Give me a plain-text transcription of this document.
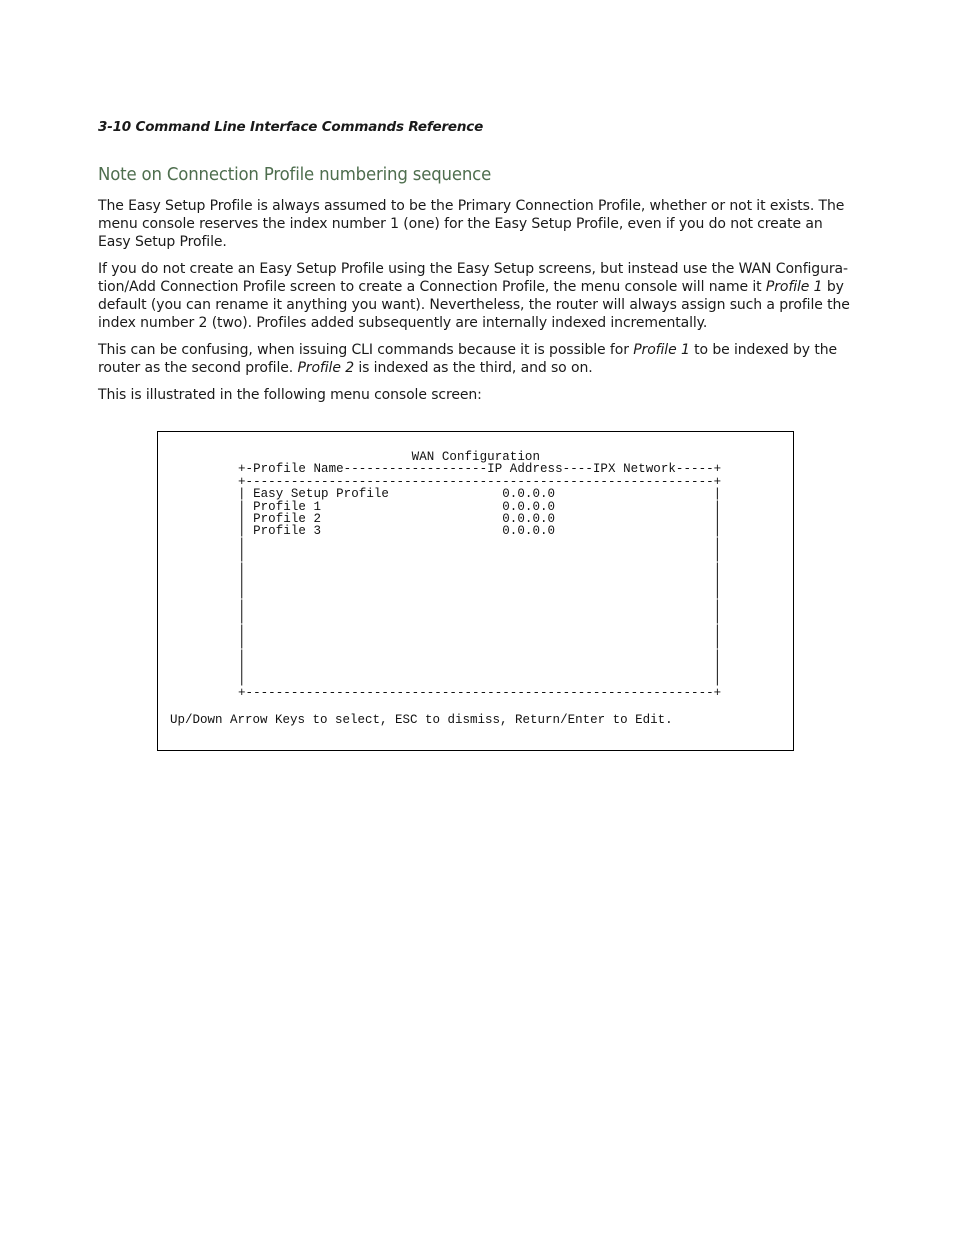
3-10 Command Line Interface Commands Reference
Note on Connection Profile numbering sequence

The Easy Setup Profile is always assumed to be the Primary Connection Profile, whether or not it exists. The menu console reserves the index number 1 (one) for the Easy Setup Profile, even if you do not create an Easy Setup Profile.

If you do not create an Easy Setup Profile using the Easy Setup screens, but instead use the WAN Configura-tion/Add Connection Profile screen to create a Connection Profile, the menu console will name it Profile 1 by default (you can rename it anything you want). Nevertheless, the router will always assign such a profile the index number 2 (two). Profiles added subsequently are internally indexed incrementally.

This can be confusing, when issuing CLI commands because it is possible for Profile 1 to be indexed by the router as the second profile. Profile 2 is indexed as the third, and so on.

This is illustrated in the following menu console screen:

WAN Configuration
+-Profile Name-------------------IP Address----IPX Network-----+
+--------------------------------------------------------------+
| Easy Setup Profile               0.0.0.0                     |
| Profile 1                        0.0.0.0                     |
| Profile 2                        0.0.0.0                     |
| Profile 3                        0.0.0.0                     |
|                                                              |
|                                                              |
|                                                              |
|                                                              |
|                                                              |
|                                                              |
|                                                              |
|                                                              |
|                                                              |
|                                                              |
|                                                              |
|                                                              |
+--------------------------------------------------------------+
Up/Down Arrow Keys to select, ESC to dismiss, Return/Enter to Edit.
